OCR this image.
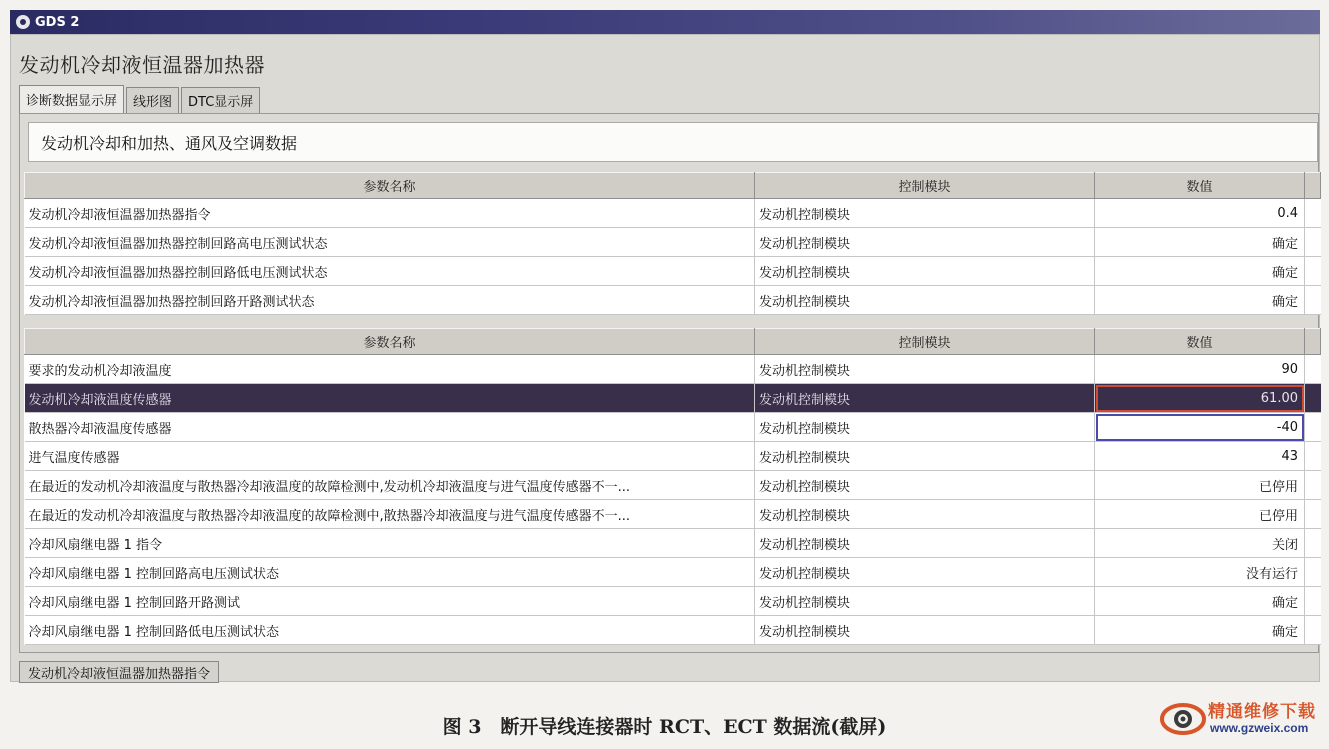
GDS 2
发动机冷却液恒温器加热器
诊断数据显示屏	线形图	DTC显示屏
发动机冷却和加热、通风及空调数据
参数名称	控制模块	数值	
发动机冷却液恒温器加热器指令	发动机控制模块	0.4	
发动机冷却液恒温器加热器控制回路高电压测试状态	发动机控制模块	确定	
发动机冷却液恒温器加热器控制回路低电压测试状态	发动机控制模块	确定	
发动机冷却液恒温器加热器控制回路开路测试状态	发动机控制模块	确定	
参数名称	控制模块	数值	
要求的发动机冷却液温度	发动机控制模块	90	
发动机冷却液温度传感器	发动机控制模块	61.00	
散热器冷却液温度传感器	发动机控制模块	-40	
进气温度传感器	发动机控制模块	43	
在最近的发动机冷却液温度与散热器冷却液温度的故障检测中,发动机冷却液温度与进气温度传感器不一...	发动机控制模块	已停用	
在最近的发动机冷却液温度与散热器冷却液温度的故障检测中,散热器冷却液温度与进气温度传感器不一...	发动机控制模块	已停用	
冷却风扇继电器 1 指令	发动机控制模块	关闭	
冷却风扇继电器 1 控制回路高电压测试状态	发动机控制模块	没有运行	
冷却风扇继电器 1 控制回路开路测试	发动机控制模块	确定	
冷却风扇继电器 1 控制回路低电压测试状态	发动机控制模块	确定	
发动机冷却液恒温器加热器指令
图 3　断开导线连接器时 RCT、ECT 数据流(截屏)
精通维修下载
www.gzweix.com
